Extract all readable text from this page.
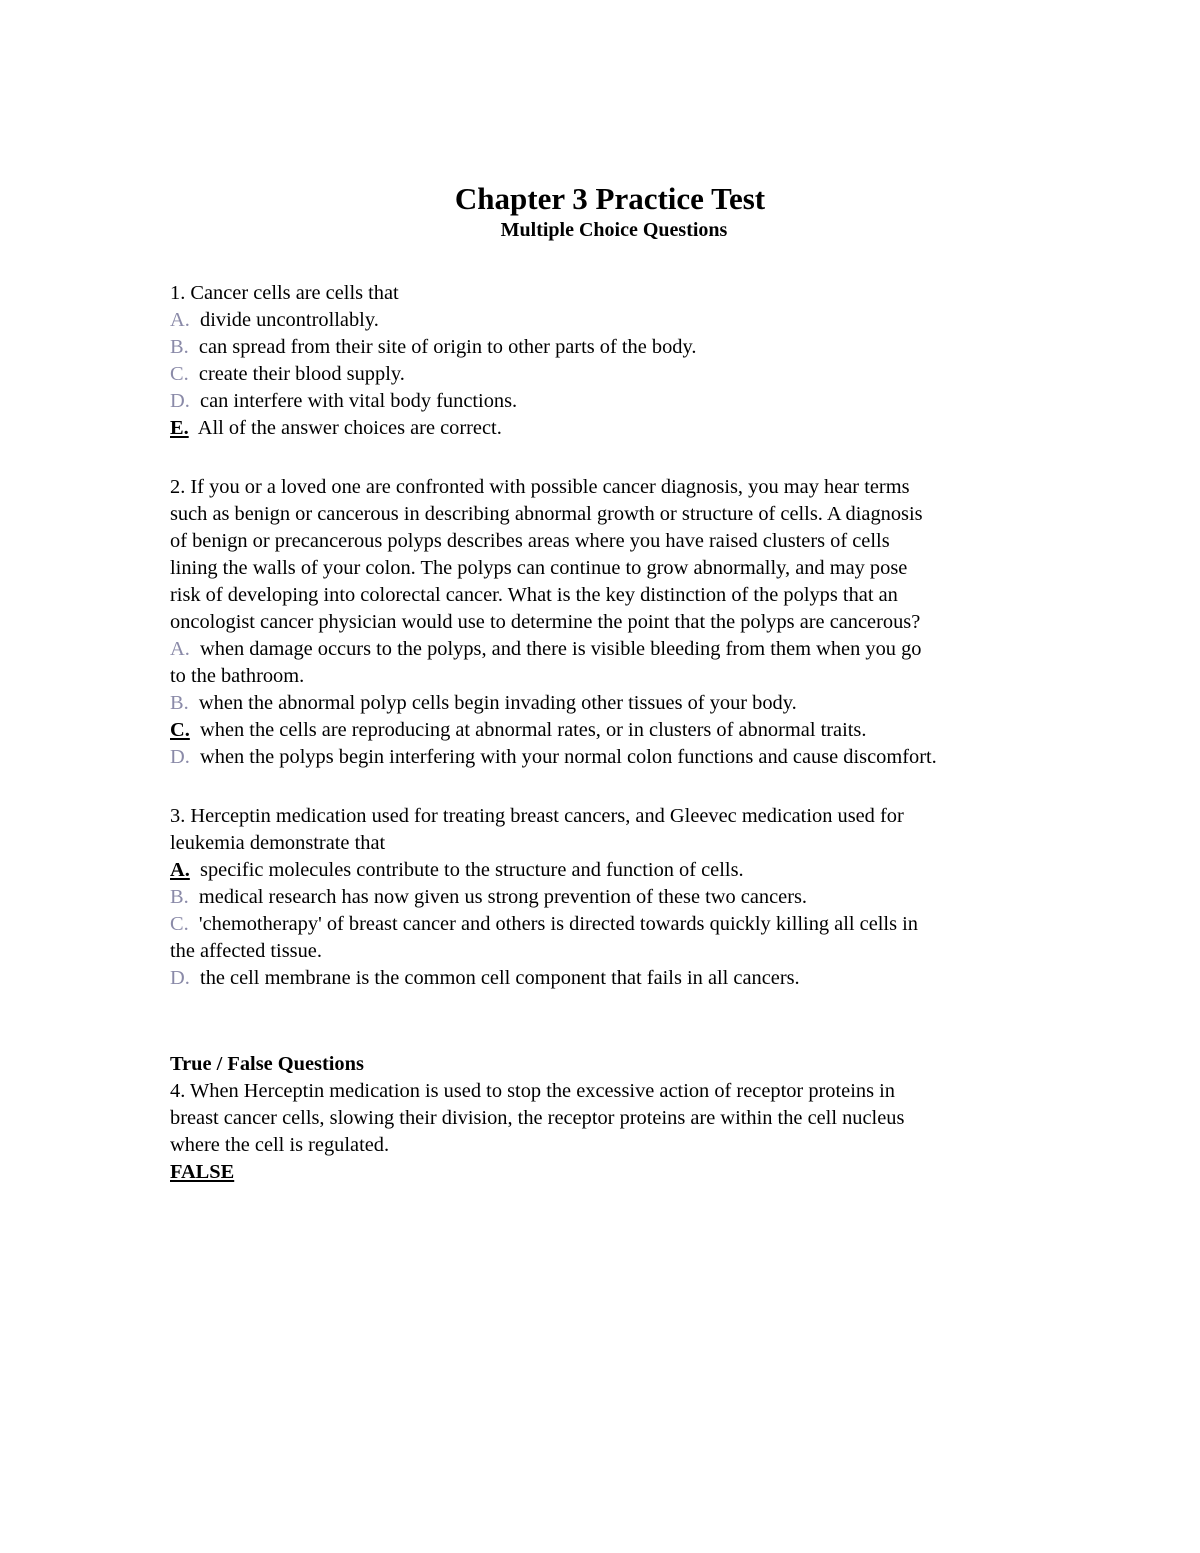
Chapter 3 Practice Test
Multiple Choice Questions
1. Cancer cells are cells that
A. divide uncontrollably.
B. can spread from their site of origin to other parts of the body.
C. create their blood supply.
D. can interfere with vital body functions.
E. All of the answer choices are correct.
2. If you or a loved one are confronted with possible cancer diagnosis, you may hear terms
such as benign or cancerous in describing abnormal growth or structure of cells. A diagnosis
of benign or precancerous polyps describes areas where you have raised clusters of cells
lining the walls of your colon. The polyps can continue to grow abnormally, and may pose
risk of developing into colorectal cancer. What is the key distinction of the polyps that an
oncologist cancer physician would use to determine the point that the polyps are cancerous?
A. when damage occurs to the polyps, and there is visible bleeding from them when you go
to the bathroom.
B. when the abnormal polyp cells begin invading other tissues of your body.
C. when the cells are reproducing at abnormal rates, or in clusters of abnormal traits.
D. when the polyps begin interfering with your normal colon functions and cause discomfort.
3. Herceptin medication used for treating breast cancers, and Gleevec medication used for
leukemia demonstrate that
A. specific molecules contribute to the structure and function of cells.
B. medical research has now given us strong prevention of these two cancers.
C. 'chemotherapy' of breast cancer and others is directed towards quickly killing all cells in
the affected tissue.
D. the cell membrane is the common cell component that fails in all cancers.
True / False Questions
4. When Herceptin medication is used to stop the excessive action of receptor proteins in
breast cancer cells, slowing their division, the receptor proteins are within the cell nucleus
where the cell is regulated.
FALSE
